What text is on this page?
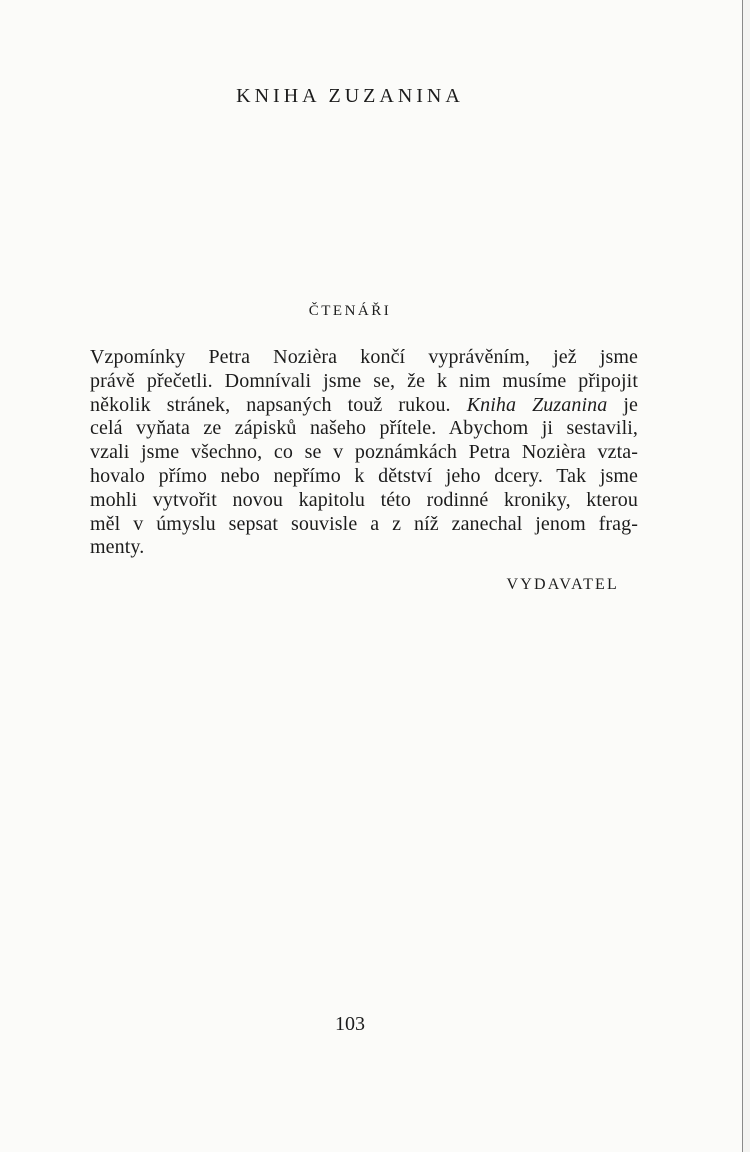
KNIHA ZUZANINA
ČTENÁŘI
Vzpomínky Petra Nozièra končí vyprávěním, jež jsme
právě přečetli. Domnívali jsme se, že k nim musíme připojit
několik stránek, napsaných touž rukou. Kniha Zuzanina je
celá vyňata ze zápisků našeho přítele. Abychom ji sestavili,
vzali jsme všechno, co se v poznámkách Petra Nozièra vzta-
hovalo přímo nebo nepřímo k dětství jeho dcery. Tak jsme
mohli vytvořit novou kapitolu této rodinné kroniky, kterou
měl v úmyslu sepsat souvisle a z níž zanechal jenom frag-
menty.
VYDAVATEL
103
